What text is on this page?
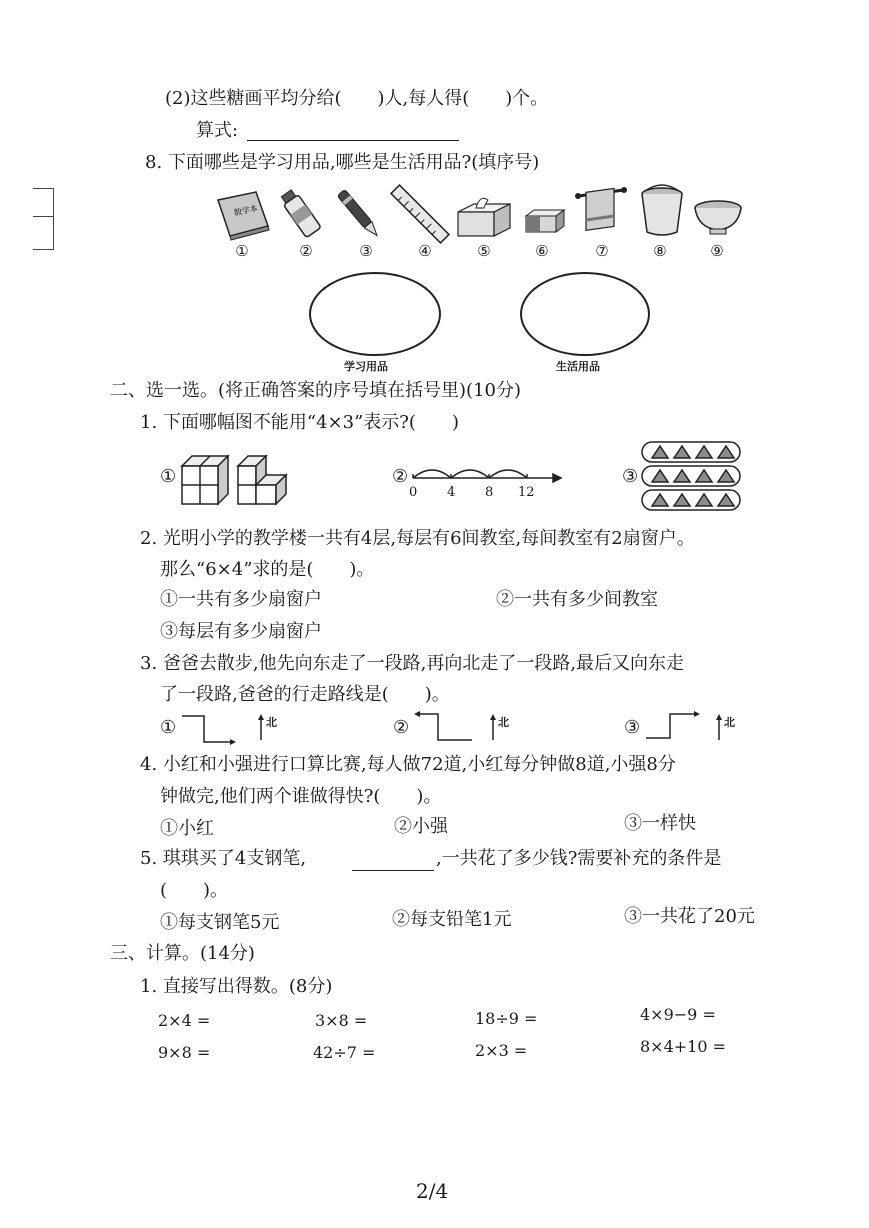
(2)这些糖画平均分给(　　)人,每人得(　　)个。
算式:
8. 下面哪些是学习用品,哪些是生活用品?(填序号)
数学本
①	②	③	④	⑤	⑥	⑦	⑧	⑨
学习用品	生活用品
二、选一选。(将正确答案的序号填在括号里)(10分)
1. 下面哪幅图不能用“4×3”表示?(　　)
①	②
0 4 8 12
③
2. 光明小学的教学楼一共有4层,每层有6间教室,每间教室有2扇窗户。
那么“6×4”求的是(　　)。
①一共有多少扇窗户	②一共有多少间教室
③每层有多少扇窗户
3. 爸爸去散步,他先向东走了一段路,再向北走了一段路,最后又向东走
了一段路,爸爸的行走路线是(　　)。
①	北	②	北	③	北
4. 小红和小强进行口算比赛,每人做72道,小红每分钟做8道,小强8分
钟做完,他们两个谁做得快?(　　)。
①小红	②小强	③一样快
5. 琪琪买了4支钢笔,	,一共花了多少钱?需要补充的条件是
(　　)。
①每支钢笔5元	②每支铅笔1元	③一共花了20元
三、计算。(14分)
1. 直接写出得数。(8分)
2×4 =	3×8 =	18÷9 =	4×9−9 =
9×8 =	42÷7 =	2×3 =	8×4+10 =
2/4
